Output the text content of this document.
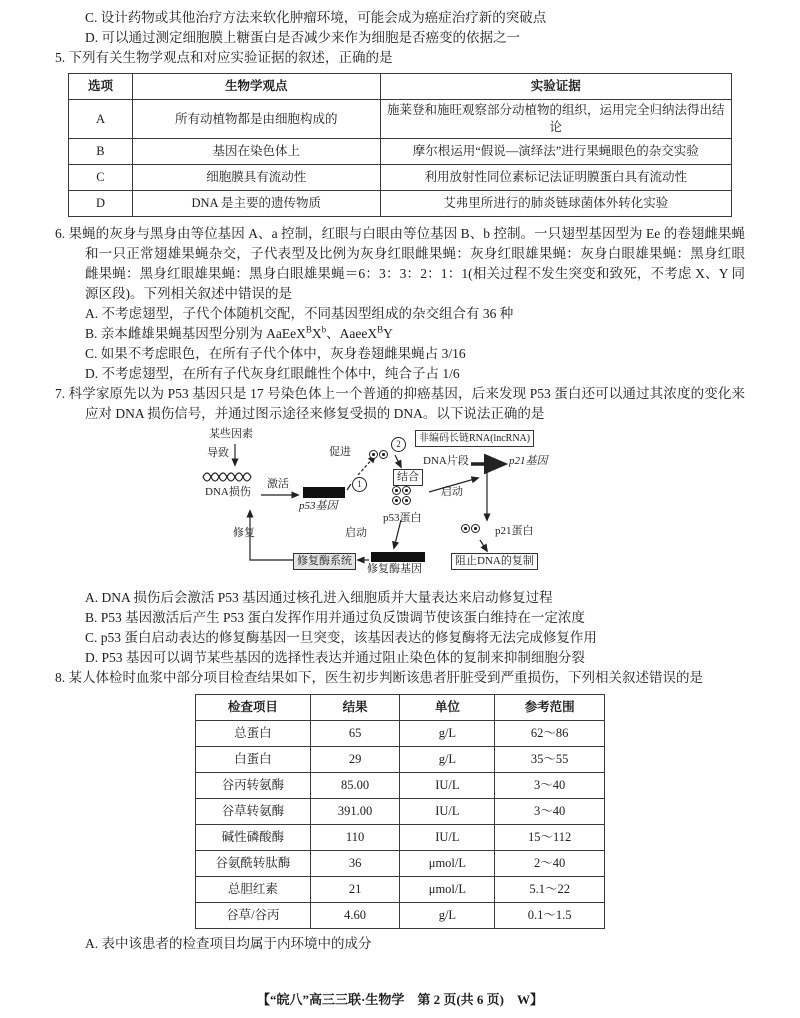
C. 设计药物或其他治疗方法来软化肿瘤环境，可能会成为癌症治疗新的突破点
D. 可以通过测定细胞膜上糖蛋白是否减少来作为细胞是否癌变的依据之一
5. 下列有关生物学观点和对应实验证据的叙述，正确的是
选项	生物学观点	实验证据
A	所有动植物都是由细胞构成的	施莱登和施旺观察部分动植物的组织，运用完全归纳法得出结论
B	基因在染色体上	摩尔根运用“假说—演绎法”进行果蝇眼色的杂交实验
C	细胞膜具有流动性	利用放射性同位素标记法证明膜蛋白具有流动性
D	DNA 是主要的遗传物质	艾弗里所进行的肺炎链球菌体外转化实验
6. 果蝇的灰身与黑身由等位基因 A、a 控制，红眼与白眼由等位基因 B、b 控制。一只翅型基因型为 Ee 的卷翅雌果蝇和一只正常翅雄果蝇杂交，子代表型及比例为灰身红眼雌果蝇：灰身红眼雄果蝇：灰身白眼雄果蝇：黑身红眼雌果蝇：黑身红眼雄果蝇：黑身白眼雄果蝇＝6：3：3：2：1：1(相关过程不发生突变和致死，不考虑 X、Y 同源区段)。下列相关叙述中错误的是
A. 不考虑翅型，子代个体随机交配，不同基因型组成的杂交组合有 36 种
B. 亲本雌雄果蝇基因型分别为 $AaEeX^BX^b$、AaeeX$^B$Y
C. 如果不考虑眼色，在所有子代个体中，灰身卷翅雌果蝇占 3/16
D. 不考虑翅型，在所有子代灰身红眼雌性个体中，纯合子占 1/6
7. 科学家原先以为 P53 基因只是 17 号染色体上一个普通的抑癌基因，后来发现 P53 蛋白还可以通过其浓度的变化来应对 DNA 损伤信号，并通过图示途径来修复受损的 DNA。以下说法正确的是
某些因素
导致
DNA损伤
激活
p53基因
1
促进
2	非编码长链RNA(lncRNA)
DNA片段	p21基因
结合
p53蛋白
启动
启动	p21蛋白
修复
修复酶系统
修复酶基因
阻止DNA的复制
A. DNA 损伤后会激活 P53 基因通过核孔进入细胞质并大量表达来启动修复过程
B. P53 基因激活后产生 P53 蛋白发挥作用并通过负反馈调节使该蛋白维持在一定浓度
C. p53 蛋白启动表达的修复酶基因一旦突变，该基因表达的修复酶将无法完成修复作用
D. P53 基因可以调节某些基因的选择性表达并通过阻止染色体的复制来抑制细胞分裂
8. 某人体检时血浆中部分项目检查结果如下，医生初步判断该患者肝脏受到严重损伤，下列相关叙述错误的是
检查项目	结果	单位	参考范围
总蛋白	65	g/L	62～86
白蛋白	29	g/L	35～55
谷丙转氨酶	85.00	IU/L	3～40
谷草转氨酶	391.00	IU/L	3～40
碱性磷酸酶	110	IU/L	15～112
谷氨酰转肽酶	36	μmol/L	2～40
总胆红素	21	μmol/L	5.1～22
谷草/谷丙	4.60	g/L	0.1～1.5
A. 表中该患者的检查项目均属于内环境中的成分
【“皖八”高三三联·生物学　第 2 页(共 6 页)　W】
